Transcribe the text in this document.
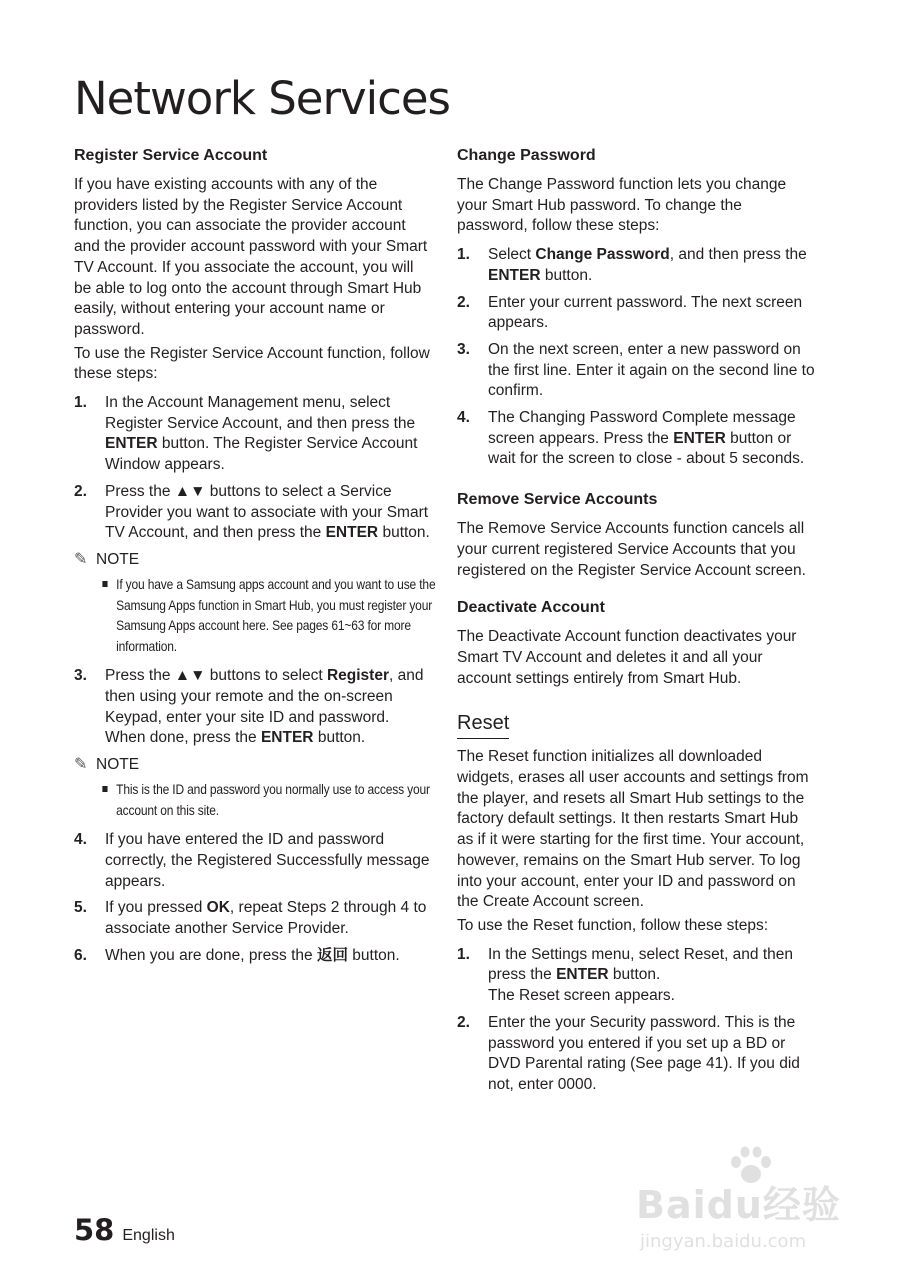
Network Services
Register Service Account

If you have existing accounts with any of the providers listed by the Register Service Account function, you can associate the provider account and the provider account password with your Smart TV Account. If you associate the account, you will be able to log onto the account through Smart Hub easily, without entering your account name or password.

To use the Register Service Account function, follow these steps:

1. In the Account Management menu, select Register Service Account, and then press the ENTER button. The Register Service Account Window appears.
2. Press the ▲▼ buttons to select a Service Provider you want to associate with your Smart TV Account, and then press the ENTER button.
✎ NOTE
If you have a Samsung apps account and you want to use the Samsung Apps function in Smart Hub, you must register your Samsung Apps account here. See pages 61~63 for more information.
3. Press the ▲▼ buttons to select Register, and then using your remote and the on-screen Keypad, enter your site ID and password. When done, press the ENTER button.
✎ NOTE
This is the ID and password you normally use to access your account on this site.
4. If you have entered the ID and password correctly, the Registered Successfully message appears.
5. If you pressed OK, repeat Steps 2 through 4 to associate another Service Provider.
6. When you are done, press the 返回 button.
Change Password

The Change Password function lets you change your Smart Hub password. To change the password, follow these steps:

1. Select Change Password, and then press the ENTER button.
2. Enter your current password. The next screen appears.
3. On the next screen, enter a new password on the first line. Enter it again on the second line to confirm.
4. The Changing Password Complete message screen appears. Press the ENTER button or wait for the screen to close - about 5 seconds.
Remove Service Accounts

The Remove Service Accounts function cancels all your current registered Service Accounts that you registered on the Register Service Account screen.

Deactivate Account

The Deactivate Account function deactivates your Smart TV Account and deletes it and all your account settings entirely from Smart Hub.

Reset

The Reset function initializes all downloaded widgets, erases all user accounts and settings from the player, and resets all Smart Hub settings to the factory default settings. It then restarts Smart Hub as if it were starting for the first time. Your account, however, remains on the Smart Hub server. To log into your account, enter your ID and password on the Create Account screen.

To use the Reset function, follow these steps:

1. In the Settings menu, select Reset, and then press the ENTER button.
The Reset screen appears.
2. Enter the your Security password. This is the password you entered if you set up a BD or DVD Parental rating (See page 41). If you did not, enter 0000.
Baidu经验
jingyan.baidu.com
58 English
